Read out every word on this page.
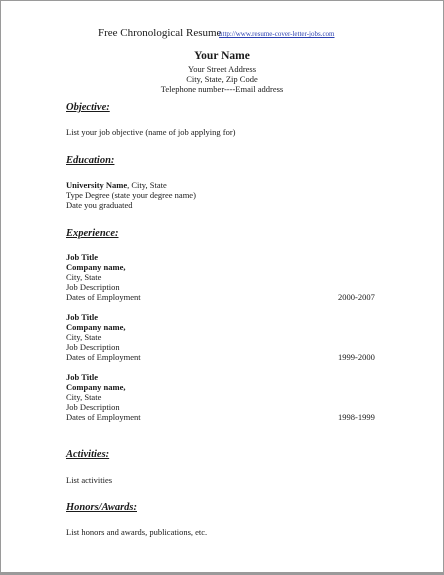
Free Chronological Resume
http://www.resume-cover-letter-jobs.com
Your Name
Your Street Address
City, State, Zip Code
Telephone number----Email address
Objective:
List your job objective (name of job applying for)
Education:
University Name, City, State
Type Degree (state your degree name)
Date you graduated
Experience:
Job Title
Company name,
City, State
Job Description
Dates of Employment	2000-2007
Job Title
Company name,
City, State
Job Description
Dates of Employment	1999-2000
Job Title
Company name,
City, State
Job Description
Dates of Employment	1998-1999
Activities:
List activities
Honors/Awards:
List honors and awards, publications, etc.
